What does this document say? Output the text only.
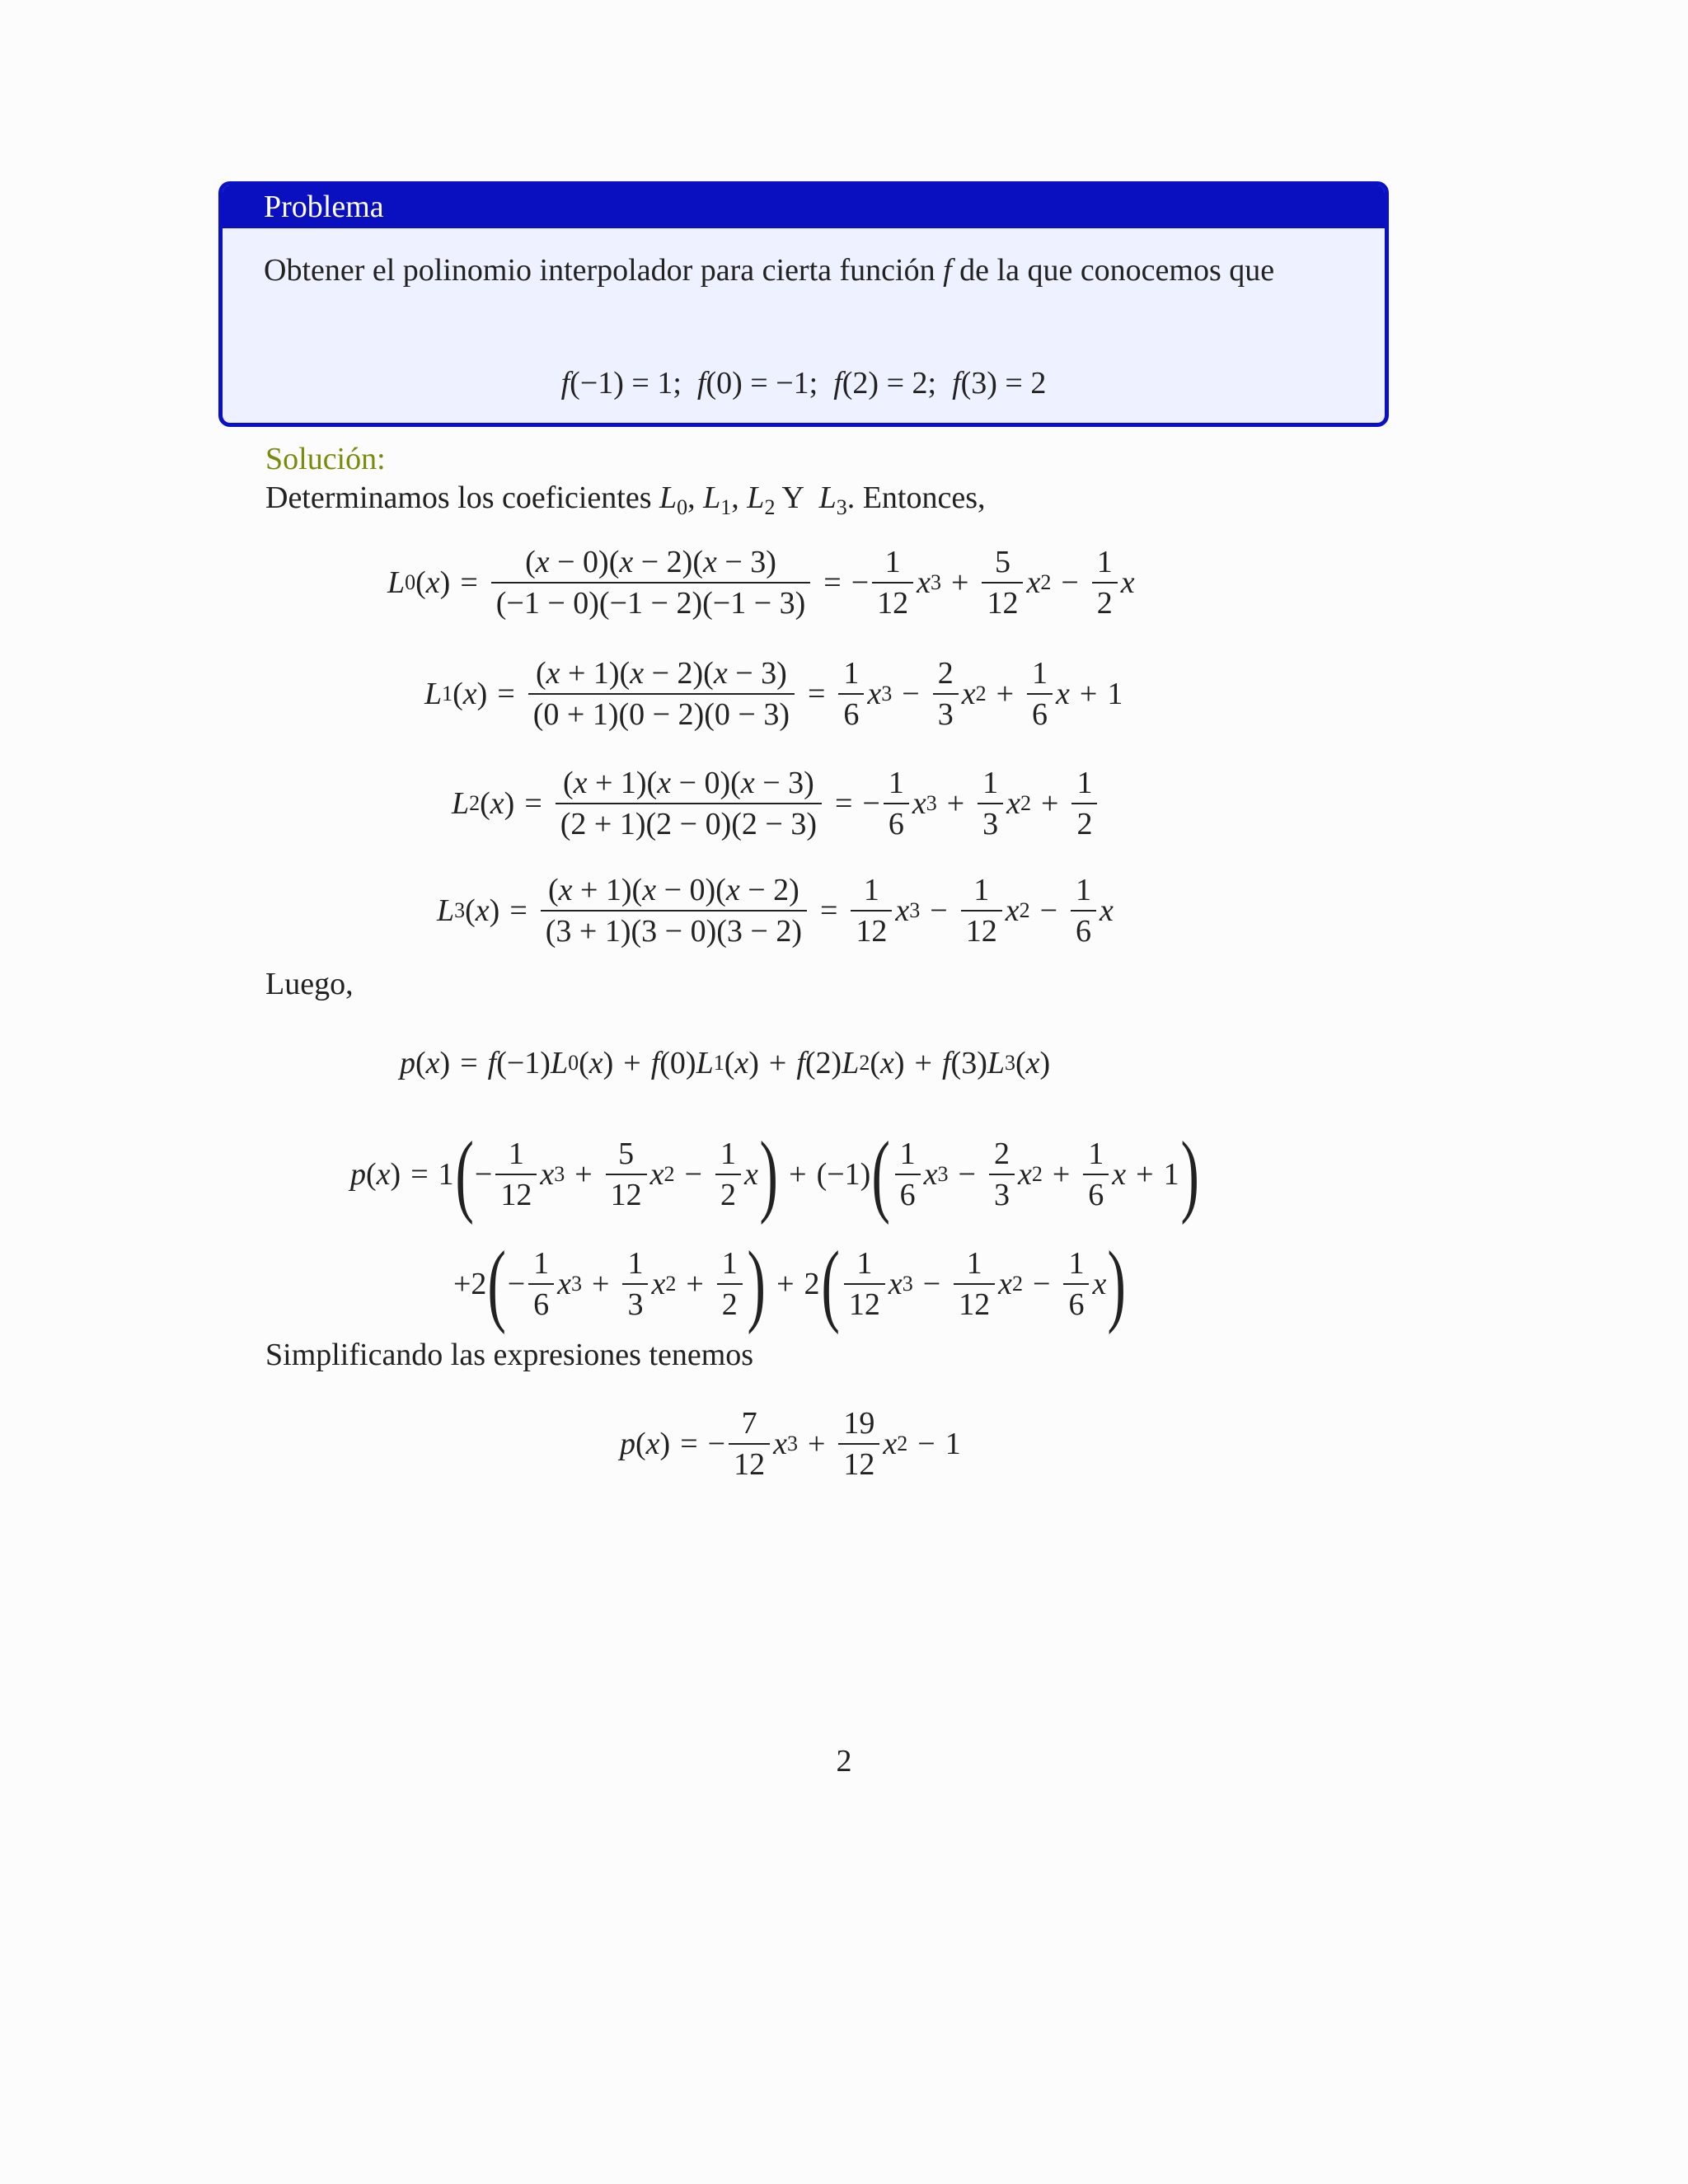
Problema
Obtener el polinomio interpolador para cierta función f de la que conocemos que
f(−1) = 1;  f(0) = −1;  f(2) = 2;  f(3) = 2
Solución:
Determinamos los coeficientes $L_0$, $L_1$, $L_2$ Y  $L_3$. Entonces,
L 0 ( x ) = $\frac{(x - 0)(x - 2)(x - 3)}{(-1 - 0)(-1 - 2)(-1 - 3)}$ = − $\frac{1}{12}$ x $3 + \frac{5}{12}$ x $2 - \frac{1}{2}$ x
L 1 ( x ) = $\frac{(x + 1)(x - 2)(x - 3)}{(0 + 1)(0 - 2)(0 - 3)} = \frac{1}{6}$ x $3 - \frac{2}{3}$ x $2 + \frac{1}{6}$ x + 1
L 2 ( x ) = $\frac{(x + 1)(x - 0)(x - 3)}{(2 + 1)(2 - 0)(2 - 3)}$ = − $\frac{1}{6}$ x $3 + \frac{1}{3}$ x $2 + \frac{1}{2}$
L 3 ( x ) = $\frac{(x + 1)(x - 0)(x - 2)}{(3 + 1)(3 - 0)(3 - 2)} = \frac{1}{12}$ x $3 - \frac{1}{12}$ x $2 - \frac{1}{6}$ x
Luego,
p ( x ) = f (−1) L 0 ( x ) + f (0) L 1 ( x ) + f (2) L 2 ( x ) + f (3) L 3 ( x )
p ( x ) = 1 ( − $\frac{1}{12}$ x $3 + \frac{5}{12}$ x $2 - \frac{1}{2}$ x ) + (−1) ( $\frac{1}{6}$ x $3 - \frac{2}{3}$ x $2 + \frac{1}{6}$ x + 1 )
+2 ( − $\frac{1}{6}$ x $3 + \frac{1}{3}$ x $2 + \frac{1}{2}$ ) + 2 ( $\frac{1}{12}$ x $3 - \frac{1}{12}$ x $2 - \frac{1}{6}$ x )
Simplificando las expresiones tenemos
p ( x ) = − $\frac{7}{12}$ x $3 + \frac{19}{12}$ x 2 − 1
2
